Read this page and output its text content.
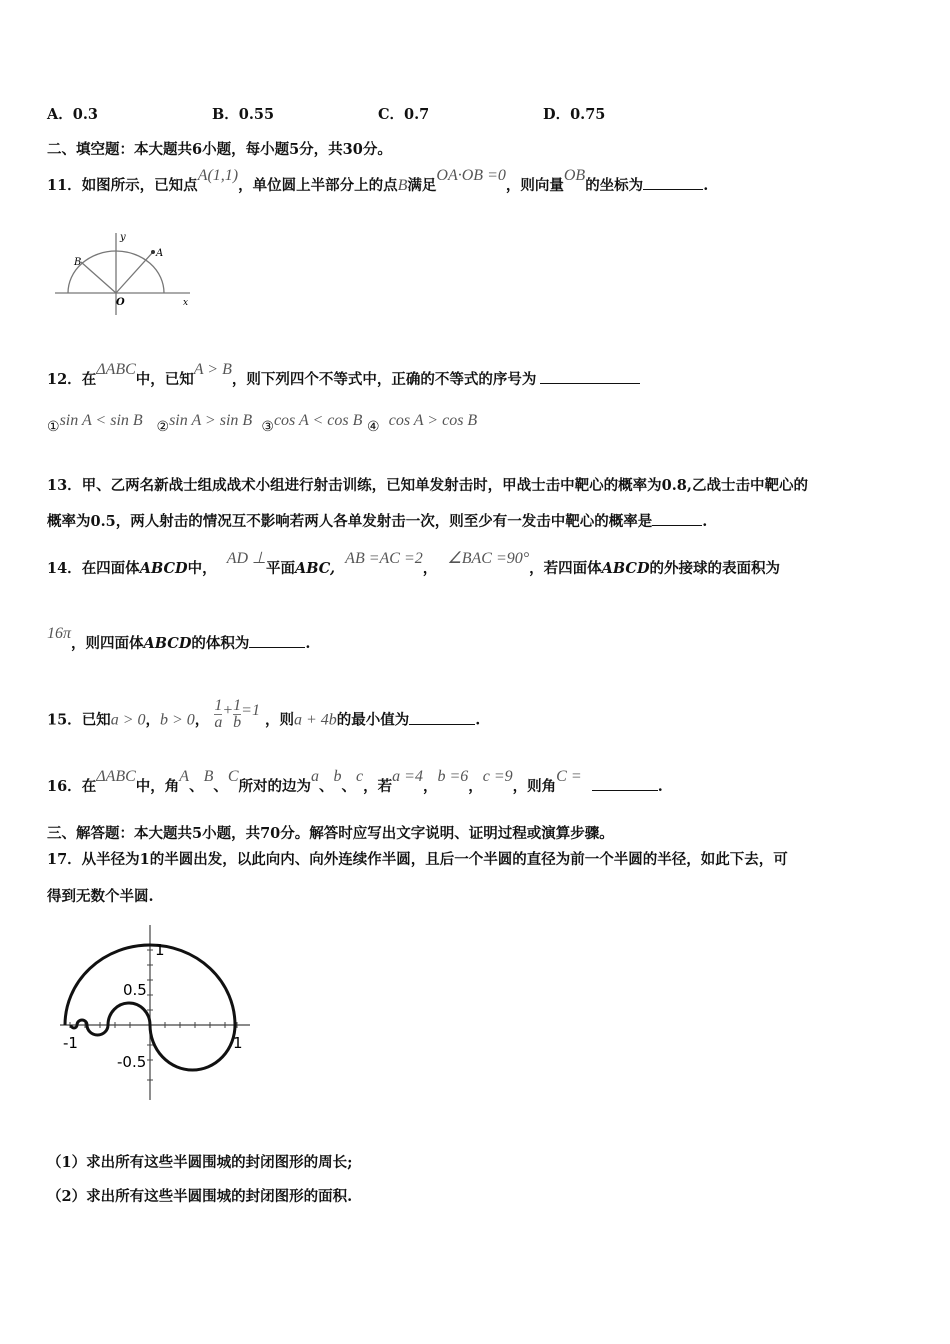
A．0.3	B．0.55	C．0.7	D．0.75
二、填空题：本大题共6小题，每小题5分，共30分。
11．如图所示，已知点A(1,1)，单位圆上半部分上的点B满足OA·OB =0，则向量OB的坐标为	.
y
A
B
O	x
12．在ΔABC中，已知A > B，则下列四个不等式中，正确的不等式的序号为
①sin A < sin B ②sin A > sin B ③cos A < cos B ④ cos A > cos B
13．甲、乙两名新战士组成战术小组进行射击训练，已知单发射击时，甲战士击中靶心的概率为0.8,乙战士击中靶心的
概率为0.5，两人射击的情况互不影响若两人各单发射击一次，则至少有一发击中靶心的概率是	.
14．在四面体ABCD中，  AD ⊥平面ABC,  AB =AC =2，  ∠BAC =90°，若四面体ABCD的外接球的表面积为
16π，则四面体ABCD的体积为	.
15．已知a > 0，b > 0， $\frac{1}{a} + \frac{1}{b} =1$ ，则a + 4b的最小值为	.
16．在ΔABC中，角A、B、C所对的边为a、b、c，若a =4，b =6，c =9，则角C =  .
三、解答题：本大题共5小题，共70分。解答时应写出文字说明、证明过程或演算步骤。
17．从半径为1的半圆出发，以此向内、向外连续作半圆，且后一个半圆的直径为前一个半圆的半径，如此下去，可
得到无数个半圆.
1
0.5
-1	1
-0.5
（1）求出所有这些半圆围城的封闭图形的周长;
（2）求出所有这些半圆围城的封闭图形的面积.
